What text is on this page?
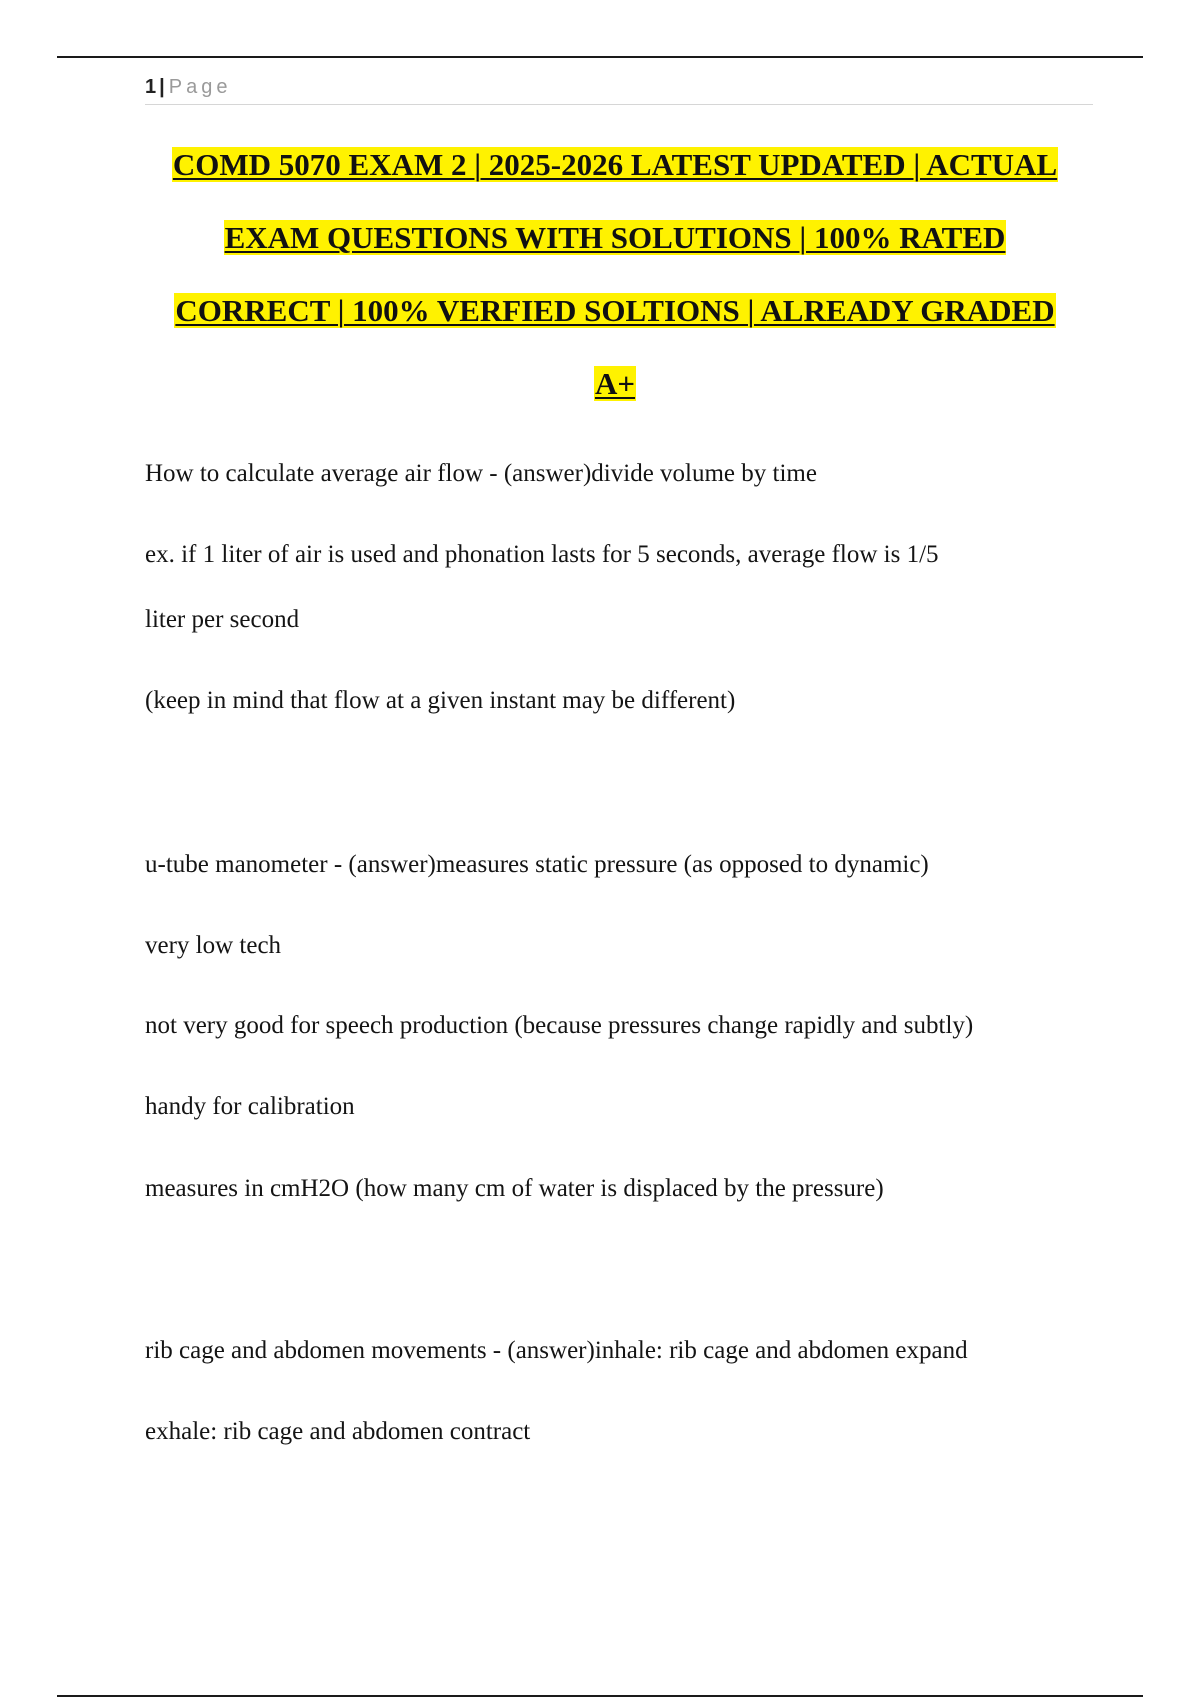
1 | Page
COMD 5070 EXAM 2 | 2025-2026 LATEST UPDATED | ACTUAL
EXAM QUESTIONS WITH SOLUTIONS | 100% RATED
CORRECT | 100% VERFIED SOLTIONS | ALREADY GRADED
A+

How to calculate average air flow - (answer)divide volume by time

ex. if 1 liter of air is used and phonation lasts for 5 seconds, average flow is 1/5

liter per second

(keep in mind that flow at a given instant may be different)

u-tube manometer - (answer)measures static pressure (as opposed to dynamic)

very low tech

not very good for speech production (because pressures change rapidly and subtly)

handy for calibration

measures in cmH2O (how many cm of water is displaced by the pressure)

rib cage and abdomen movements - (answer)inhale: rib cage and abdomen expand

exhale: rib cage and abdomen contract
